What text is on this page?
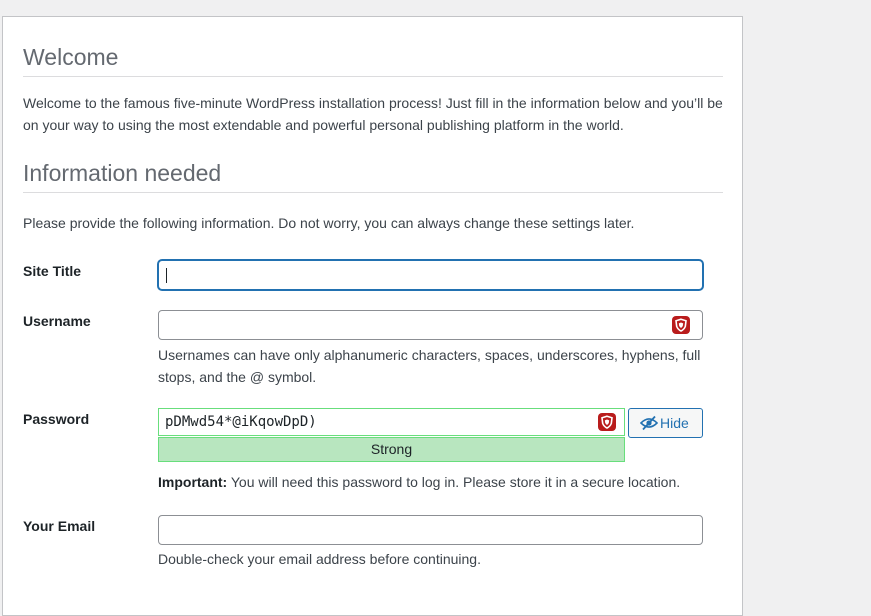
Welcome

Welcome to the famous five-minute WordPress installation process! Just fill in the information below and you’ll be on your way to using the most extendable and powerful personal publishing platform in the world.

Information needed

Please provide the following information. Do not worry, you can always change these settings later.

Site Title
Username
Usernames can have only alphanumeric characters, spaces, underscores, hyphens, full stops, and the @ symbol.
Password	pDMwd54*@iKqowDpD)
Strong
Hide
Important: You will need this password to log in. Please store it in a secure location.
Your Email
Double-check your email address before continuing.
